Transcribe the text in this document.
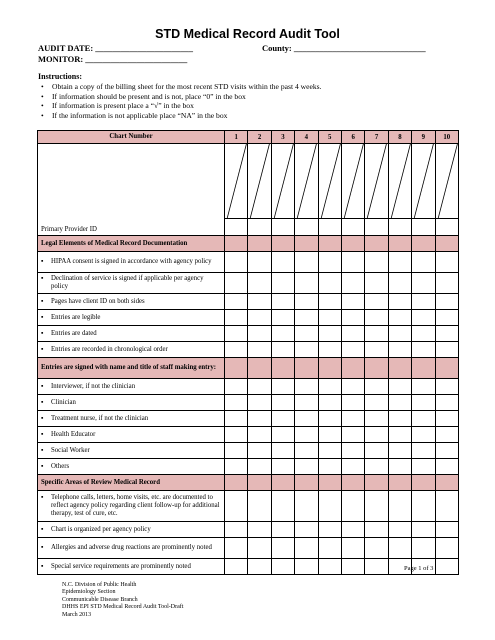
STD Medical Record Audit Tool
AUDIT DATE: _______________________	County: _______________________________
MONITOR: ________________________
Instructions:
• Obtain a copy of the billing sheet for the most recent STD visits within the past 4 weeks.
• If information should be present and is not, place “0” in the box
• If information is present place a “√” in the box
• If the information is not applicable place “NA” in the box
Chart Number	1	2	3	4	5	6	7	8	9	10

Primary Provider ID										
Legal Elements of Medical Record Documentation										

▪ HIPAA consent is signed in accordance with agency policy										

▪ Declination of service is signed if applicable per agency policy										

▪ Pages have client ID on both sides										

▪ Entries are legible										

▪ Entries are dated										

▪ Entries are recorded in chronological order										

Entries are signed with name and title of staff making entry:										

▪ Interviewer, if not the clinician										

▪ Clinician										

▪ Treatment nurse, if not the clinician										

▪ Health Educator										

▪ Social Worker										

▪ Others										

Specific Areas of Review Medical Record										

▪ Telephone calls, letters, home visits, etc. are documented to reflect agency policy regarding client follow-up for additional therapy, test of cure, etc.										

▪ Chart is organized per agency policy										

▪ Allergies and adverse drug reactions are prominently noted										

▪ Special service requirements are prominently noted										
											Page 1 of 3
N.C. Division of Public Health
Epidemiology Section
Communicable Disease Branch
DHHS EPI STD Medical Record Audit Tool-Draft
March 2013
